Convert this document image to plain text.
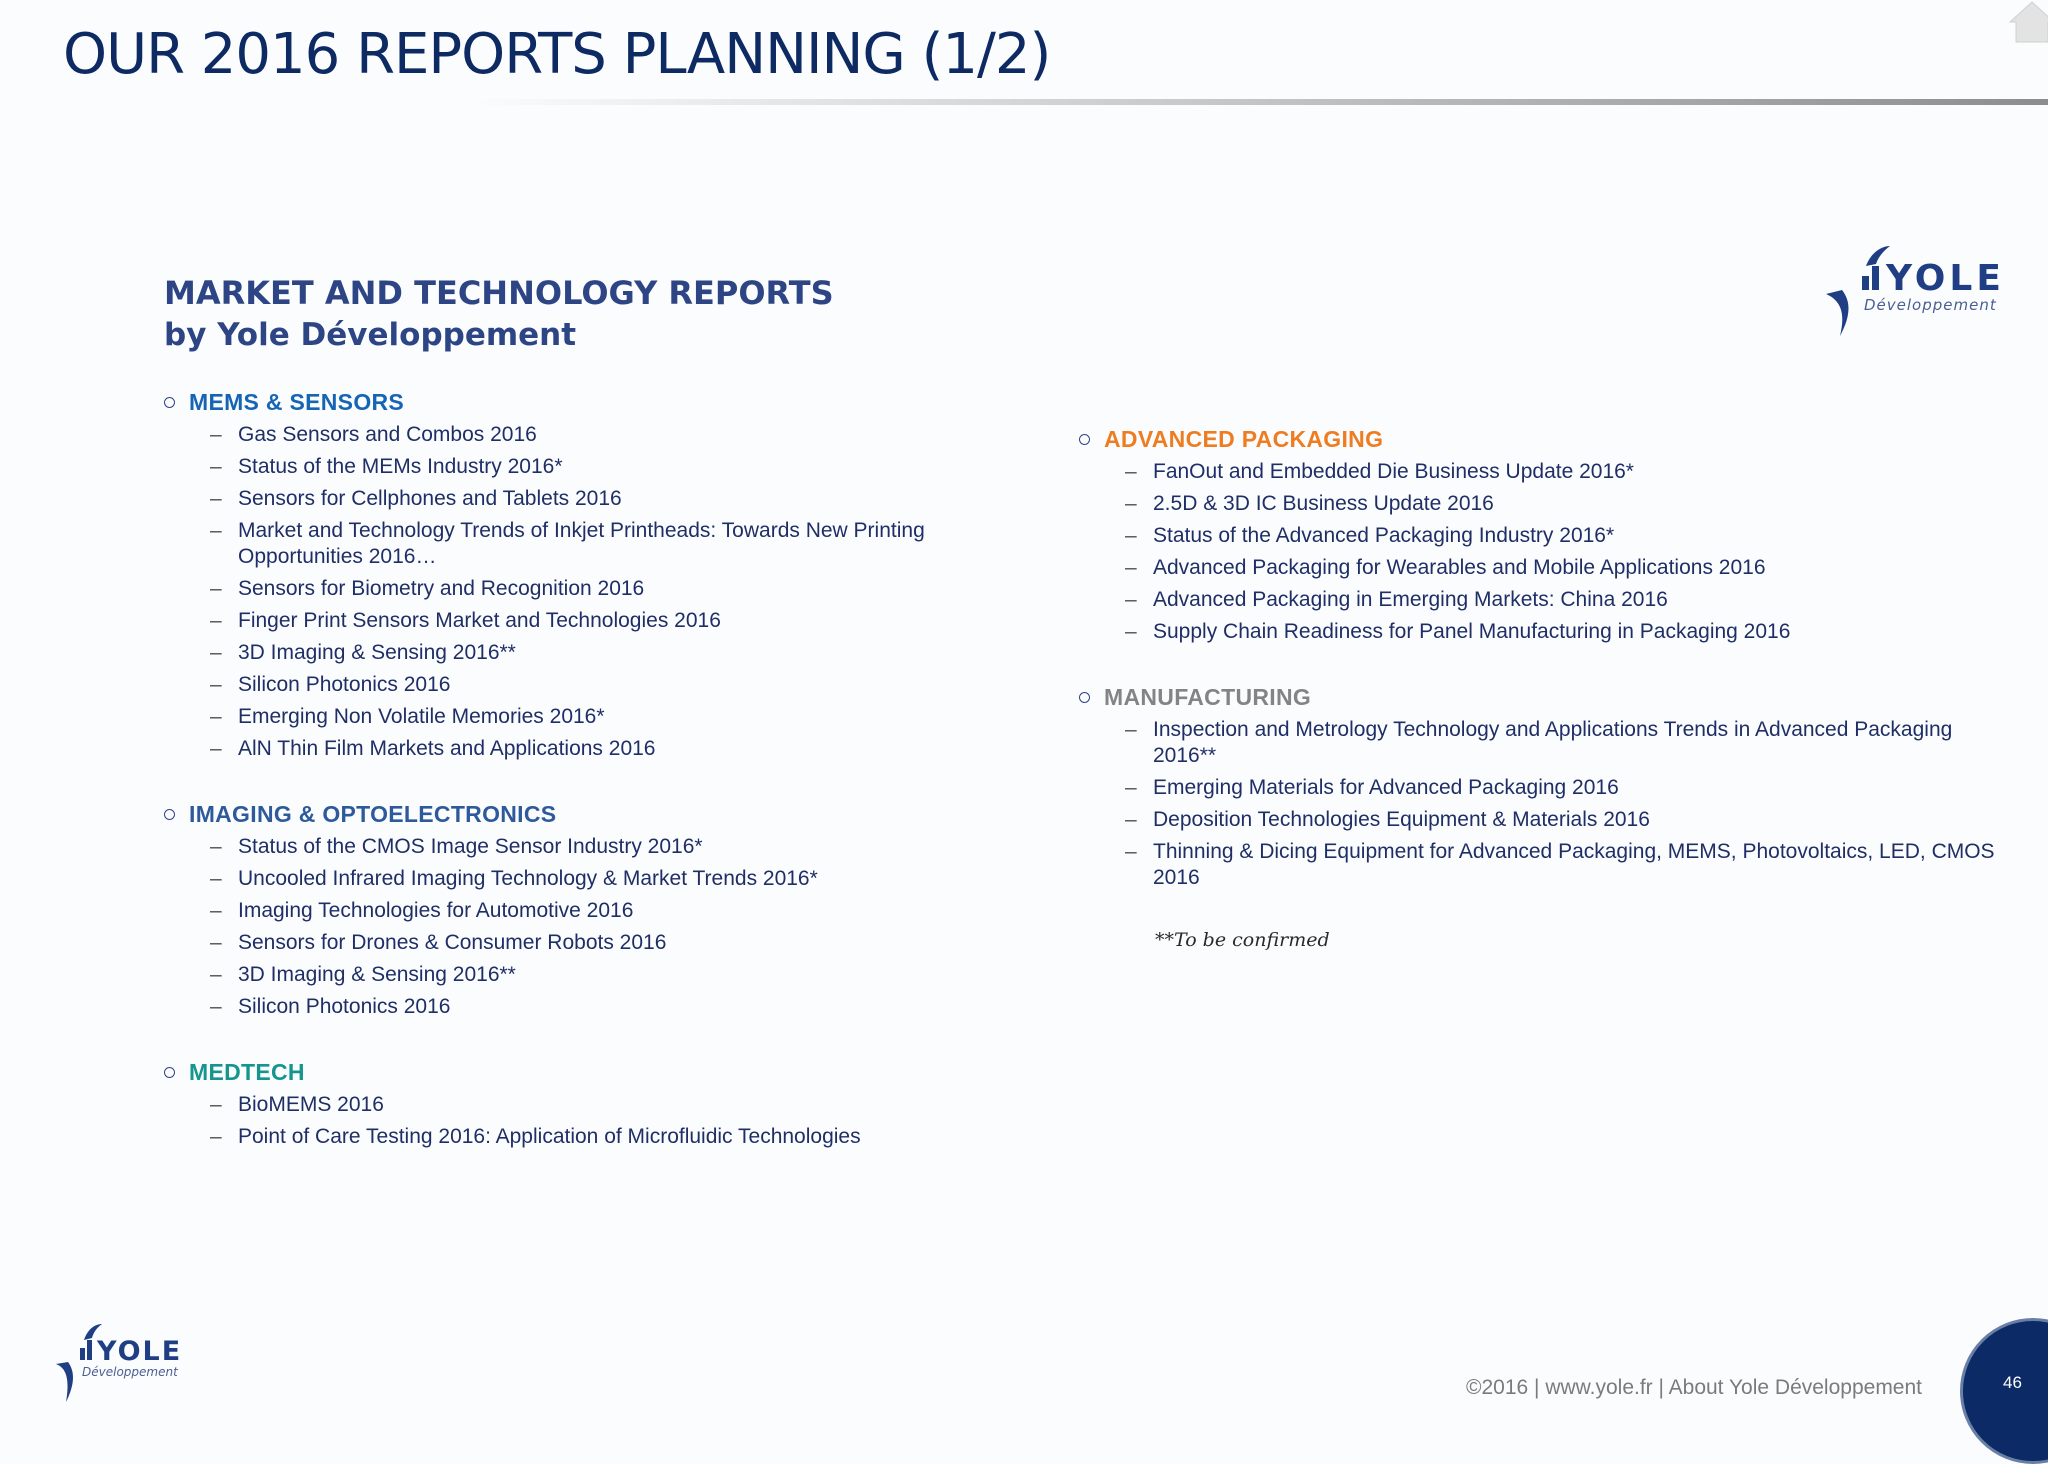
OUR 2016 REPORTS PLANNING (1/2)
MARKET AND TECHNOLOGY REPORTS
by Yole Développement
YOLE
Développement
MEMS & SENSORS
– Gas Sensors and Combos 2016
– Status of the MEMs Industry 2016*
– Sensors for Cellphones and Tablets 2016
– Market and Technology Trends of Inkjet Printheads: Towards New Printing Opportunities 2016…
– Sensors for Biometry and Recognition 2016
– Finger Print Sensors Market and Technologies 2016
– 3D Imaging & Sensing 2016**
– Silicon Photonics 2016
– Emerging Non Volatile Memories 2016*
– AlN Thin Film Markets and Applications 2016
IMAGING & OPTOELECTRONICS
– Status of the CMOS Image Sensor Industry 2016*
– Uncooled Infrared Imaging Technology & Market Trends 2016*
– Imaging Technologies for Automotive 2016
– Sensors for Drones & Consumer Robots 2016
– 3D Imaging & Sensing 2016**
– Silicon Photonics 2016
MEDTECH
– BioMEMS 2016
– Point of Care Testing 2016: Application of Microfluidic Technologies
ADVANCED PACKAGING
– FanOut and Embedded Die Business Update 2016*
– 2.5D & 3D IC Business Update 2016
– Status of the Advanced Packaging Industry 2016*
– Advanced Packaging for Wearables and Mobile Applications 2016
– Advanced Packaging in Emerging Markets: China 2016
– Supply Chain Readiness for Panel Manufacturing in Packaging 2016
MANUFACTURING
– Inspection and Metrology Technology and Applications Trends in Advanced Packaging 2016**
– Emerging Materials for Advanced Packaging 2016
– Deposition Technologies Equipment & Materials 2016
– Thinning & Dicing Equipment for Advanced Packaging, MEMS, Photovoltaics, LED, CMOS 2016
**To be confirmed
YOLE
Développement
©2016 | www.yole.fr | About Yole Développement	46
